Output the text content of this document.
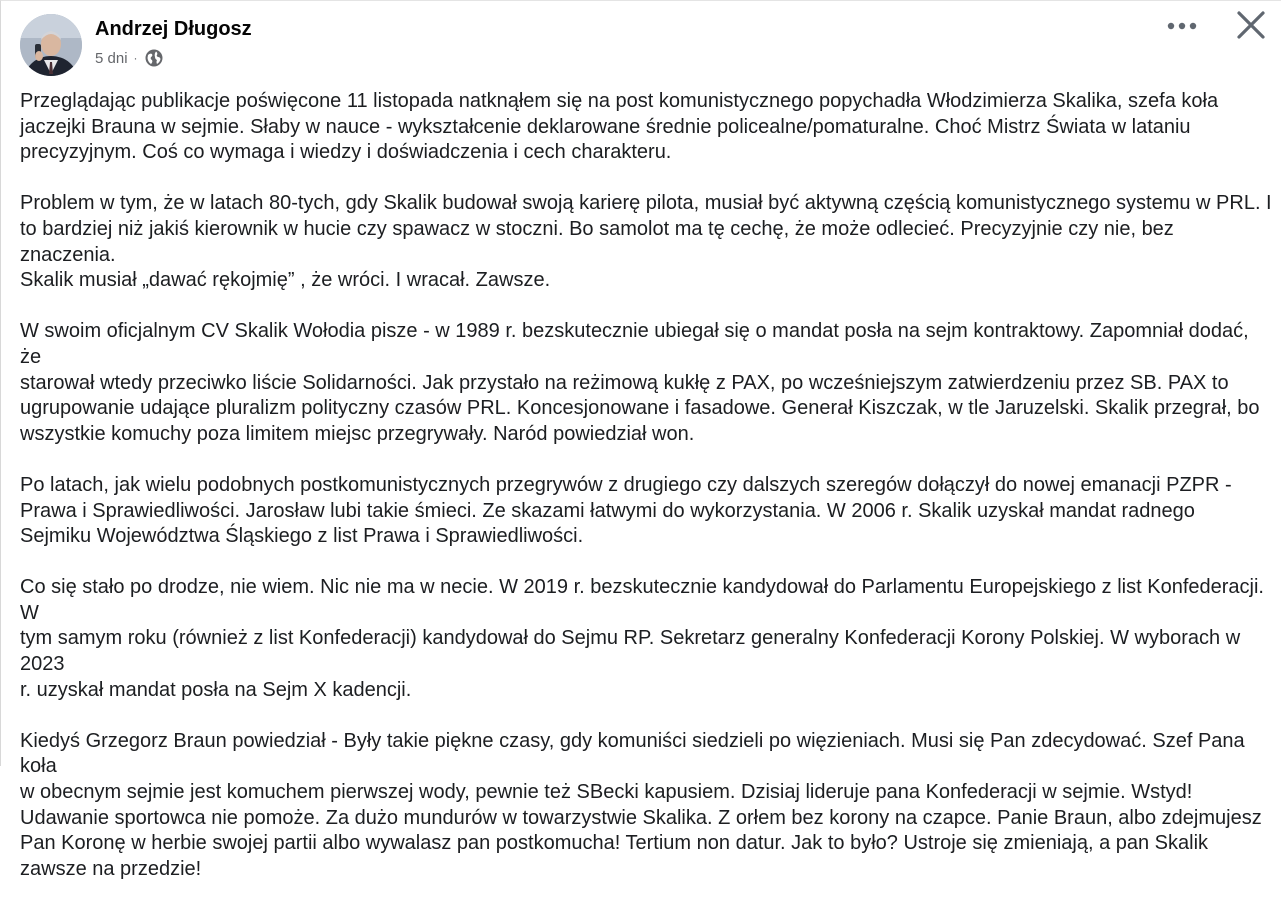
Andrzej Długosz
5 dni ·

Przeglądając publikacje poświęcone 11 listopada natknąłem się na post komunistycznego popychadła Włodzimierza Skalika, szefa koła
jaczejki Brauna w sejmie. Słaby w nauce - wykształcenie deklarowane średnie policealne/pomaturalne. Choć Mistrz Świata w lataniu
precyzyjnym. Coś co wymaga i wiedzy i doświadczenia i cech charakteru.

Problem w tym, że w latach 80-tych, gdy Skalik budował swoją karierę pilota, musiał być aktywną częścią komunistycznego systemu w PRL. I
to bardziej niż jakiś kierownik w hucie czy spawacz w stoczni. Bo samolot ma tę cechę, że może odlecieć. Precyzyjnie czy nie, bez znaczenia.
Skalik musiał „dawać rękojmię” , że wróci. I wracał. Zawsze.

W swoim oficjalnym CV Skalik Wołodia pisze - w 1989 r. bezskutecznie ubiegał się o mandat posła na sejm kontraktowy. Zapomniał dodać, że
starował wtedy przeciwko liście Solidarności. Jak przystało na reżimową kukłę z PAX, po wcześniejszym zatwierdzeniu przez SB. PAX to
ugrupowanie udające pluralizm polityczny czasów PRL. Koncesjonowane i fasadowe. Generał Kiszczak, w tle Jaruzelski. Skalik przegrał, bo
wszystkie komuchy poza limitem miejsc przegrywały. Naród powiedział won.

Po latach, jak wielu podobnych postkomunistycznych przegrywów z drugiego czy dalszych szeregów dołączył do nowej emanacji PZPR -
Prawa i Sprawiedliwości. Jarosław lubi takie śmieci. Ze skazami łatwymi do wykorzystania. W 2006 r. Skalik uzyskał mandat radnego
Sejmiku Województwa Śląskiego z list Prawa i Sprawiedliwości.

Co się stało po drodze, nie wiem. Nic nie ma w necie. W 2019 r. bezskutecznie kandydował do Parlamentu Europejskiego z list Konfederacji. W
tym samym roku (również z list Konfederacji) kandydował do Sejmu RP. Sekretarz generalny Konfederacji Korony Polskiej. W wyborach w 2023
r. uzyskał mandat posła na Sejm X kadencji.

Kiedyś Grzegorz Braun powiedział - Były takie piękne czasy, gdy komuniści siedzieli po więzieniach. Musi się Pan zdecydować. Szef Pana koła
w obecnym sejmie jest komuchem pierwszej wody, pewnie też SBecki kapusiem. Dzisiaj lideruje pana Konfederacji w sejmie. Wstyd!
Udawanie sportowca nie pomoże. Za dużo mundurów w towarzystwie Skalika. Z orłem bez korony na czapce. Panie Braun, albo zdejmujesz
Pan Koronę w herbie swojej partii albo wywalasz pan postkomucha! Tertium non datur. Jak to było? Ustroje się zmieniają, a pan Skalik
zawsze na przedzie!
